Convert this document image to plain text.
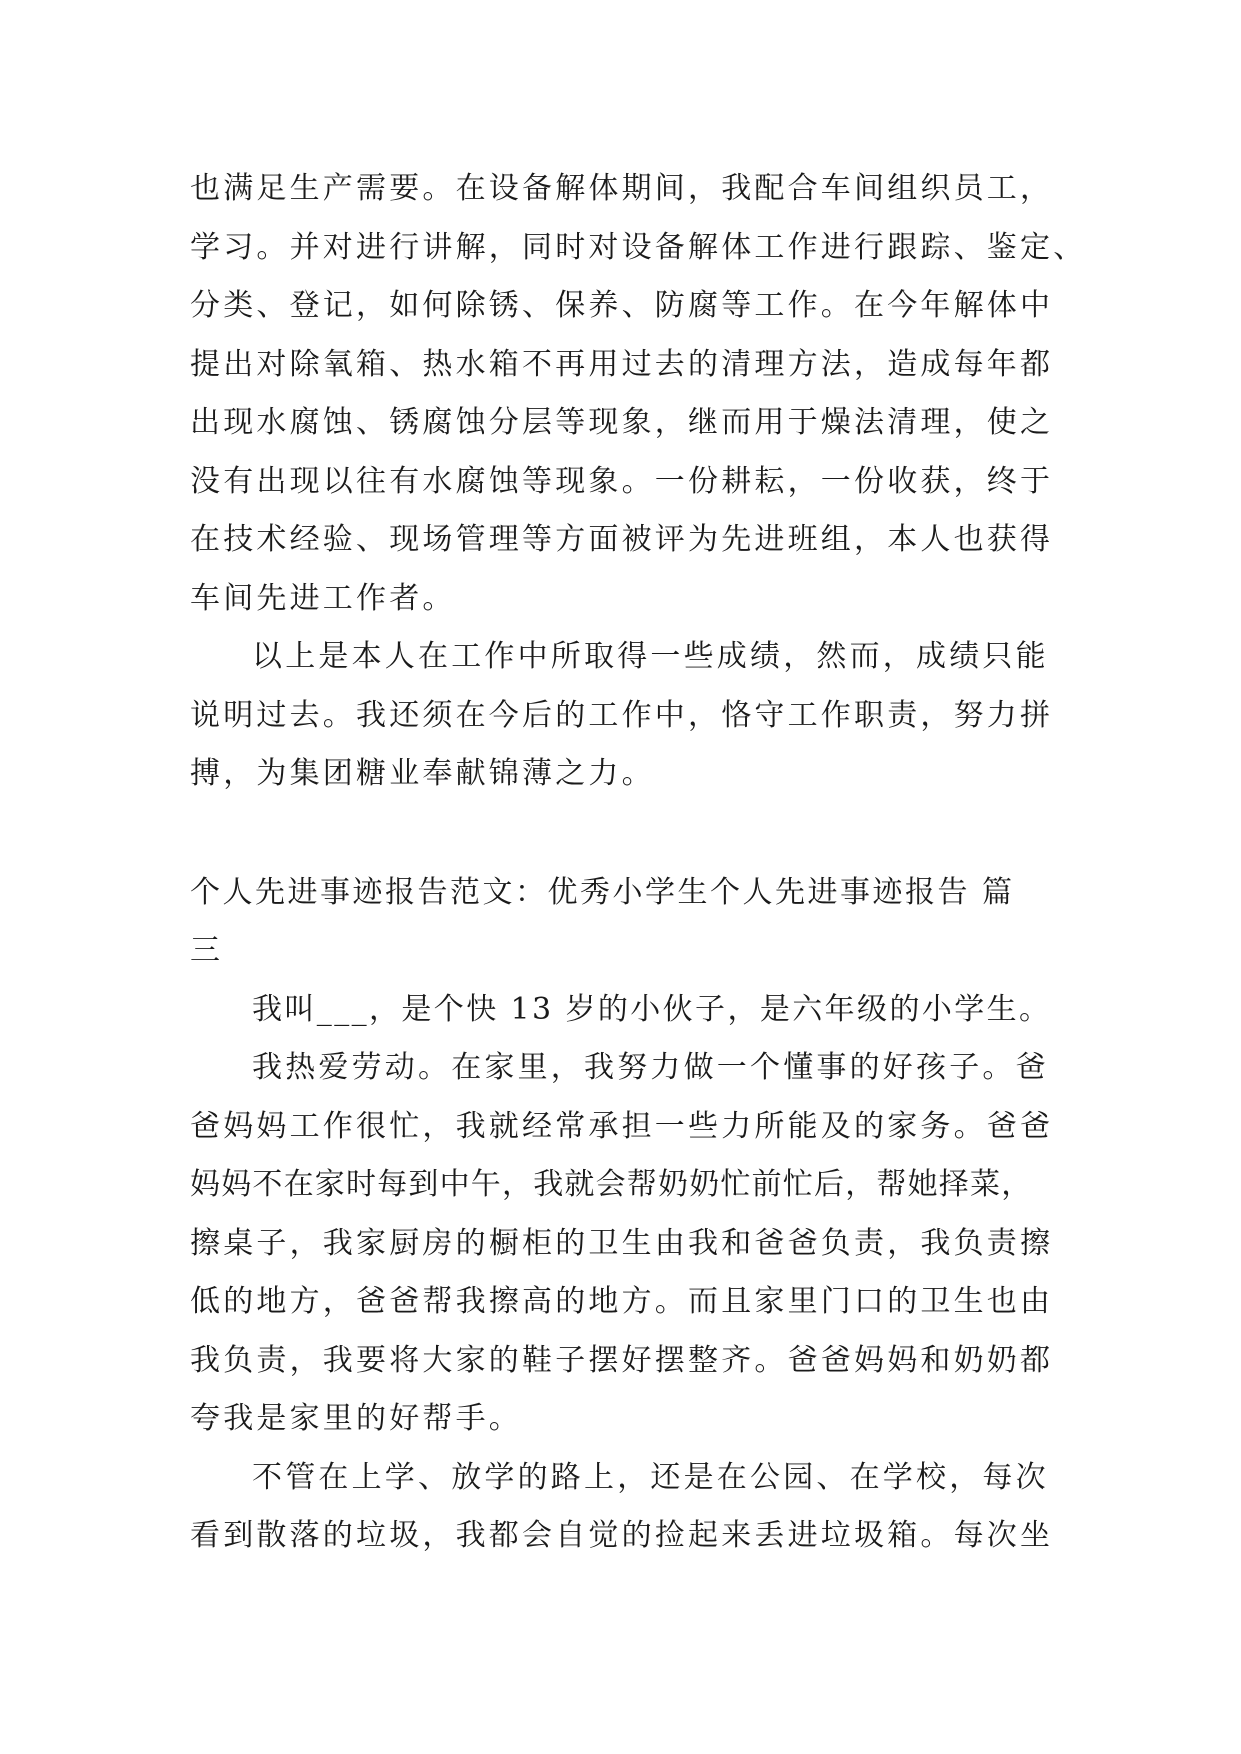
也满足生产需要。在设备解体期间，我配合车间组织员工，
学习。并对进行讲解，同时对设备解体工作进行跟踪、鉴定、
分类、登记，如何除锈、保养、防腐等工作。在今年解体中
提出对除氧箱、热水箱不再用过去的清理方法，造成每年都
出现水腐蚀、锈腐蚀分层等现象，继而用于燥法清理，使之
没有出现以往有水腐蚀等现象。一份耕耘，一份收获，终于
在技术经验、现场管理等方面被评为先进班组，本人也获得
车间先进工作者。
以上是本人在工作中所取得一些成绩，然而，成绩只能
说明过去。我还须在今后的工作中，恪守工作职责，努力拼
搏，为集团糖业奉献锦薄之力。
个人先进事迹报告范文：优秀小学生个人先进事迹报告 篇
三
我叫___，是个快 13 岁的小伙子，是六年级的小学生。
我热爱劳动。在家里，我努力做一个懂事的好孩子。爸
爸妈妈工作很忙，我就经常承担一些力所能及的家务。爸爸
妈妈不在家时每到中午，我就会帮奶奶忙前忙后，帮她择菜，
擦桌子，我家厨房的橱柜的卫生由我和爸爸负责，我负责擦
低的地方，爸爸帮我擦高的地方。而且家里门口的卫生也由
我负责，我要将大家的鞋子摆好摆整齐。爸爸妈妈和奶奶都
夸我是家里的好帮手。
不管在上学、放学的路上，还是在公园、在学校，每次
看到散落的垃圾，我都会自觉的捡起来丢进垃圾箱。每次坐
